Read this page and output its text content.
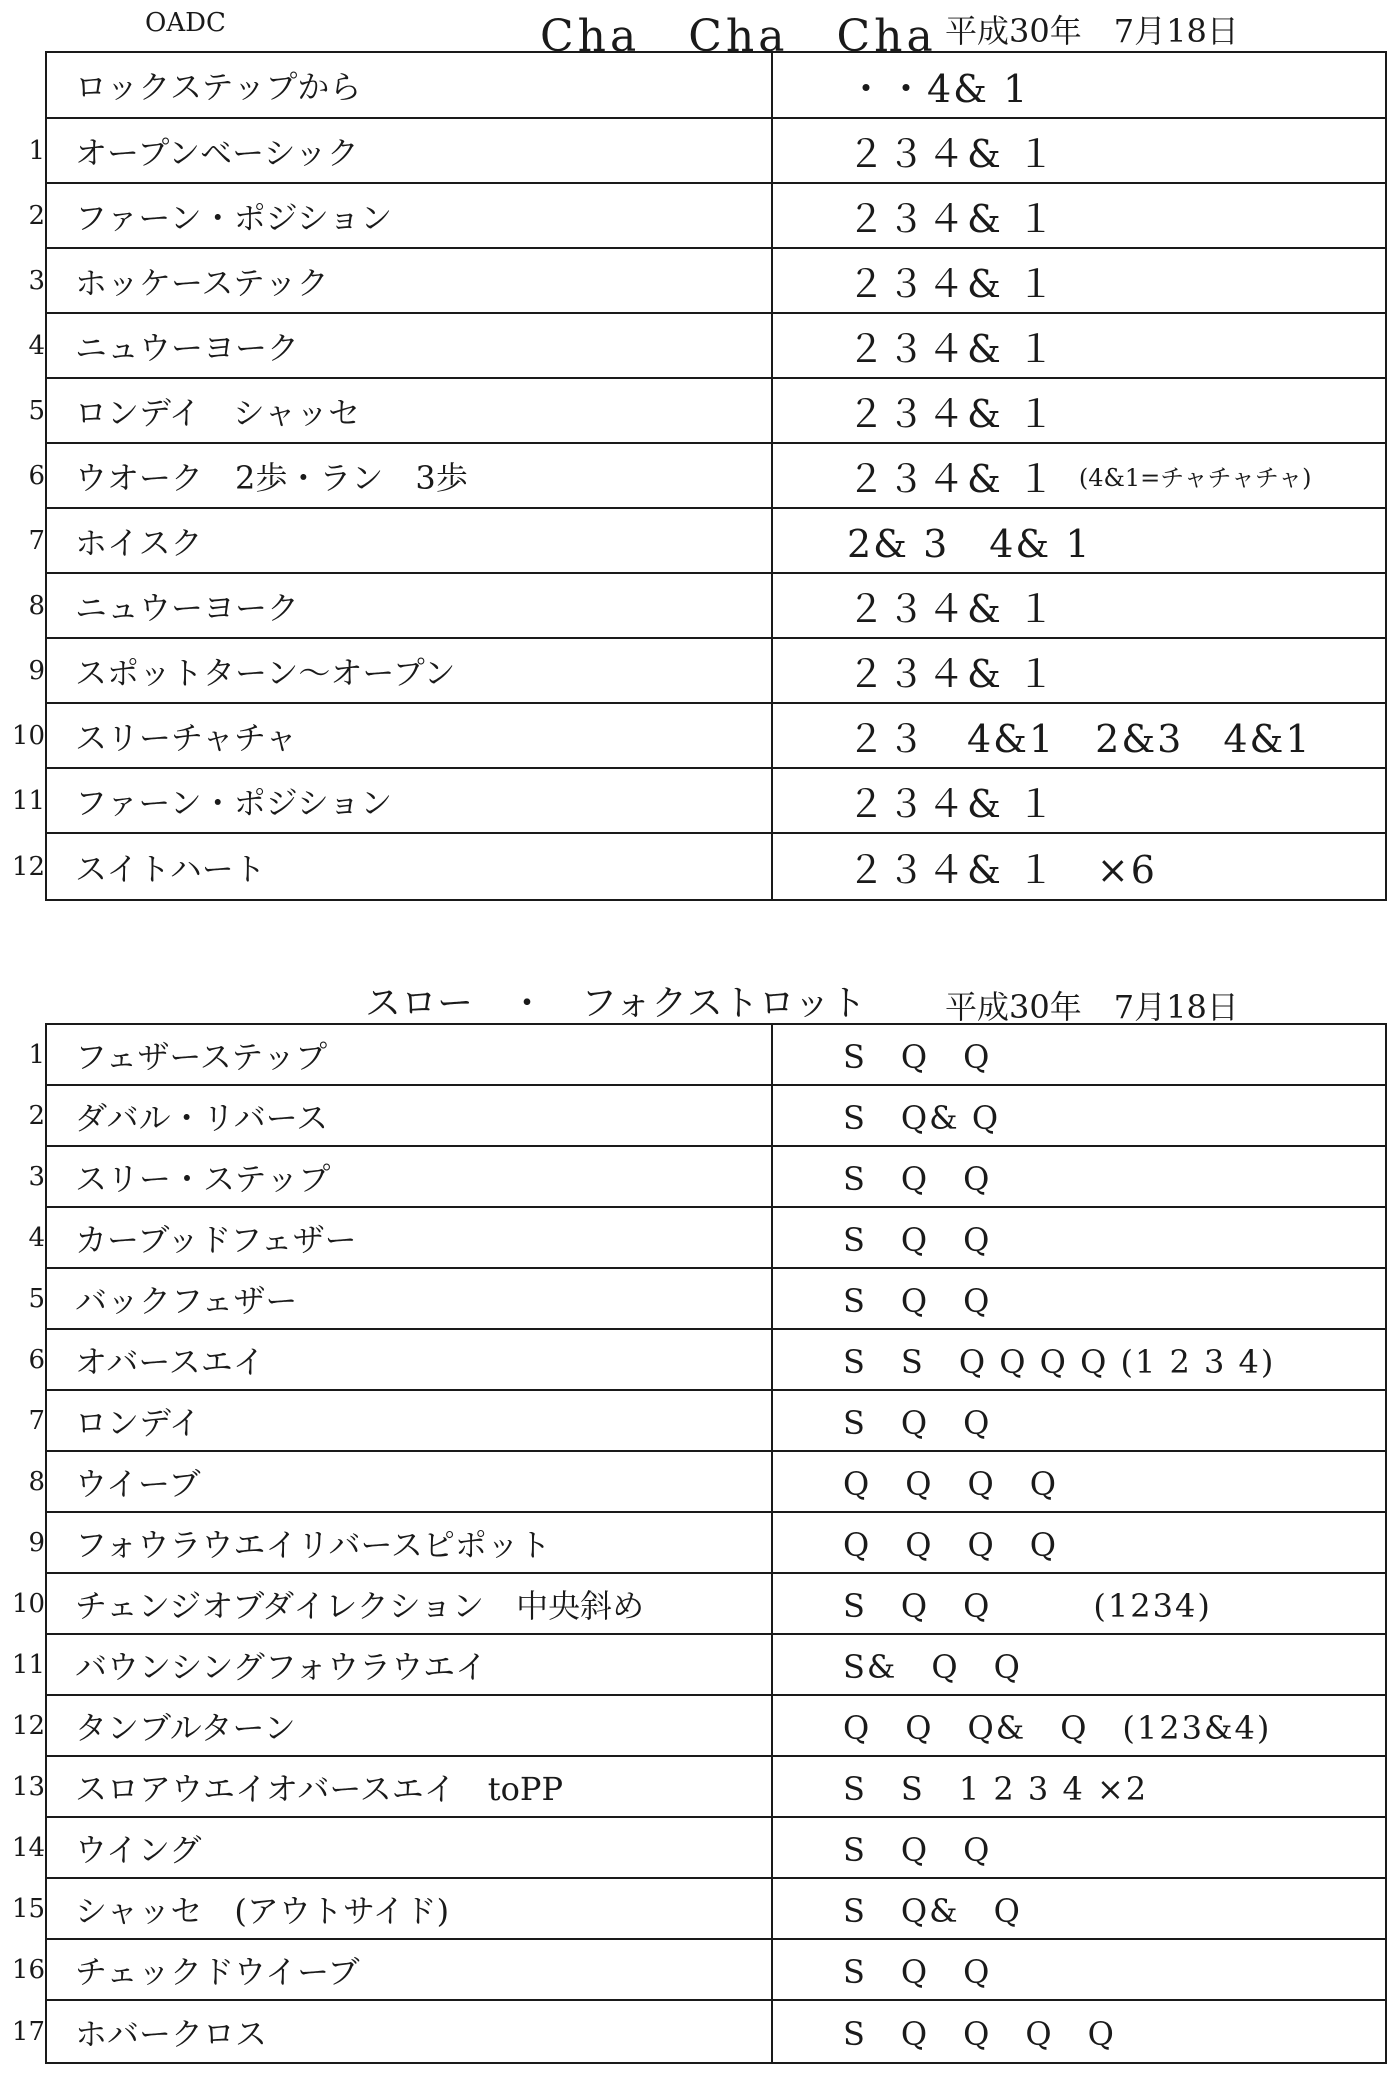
OADC	Cha　Cha　Cha 平成30年　7月18日
ロックステップから	・・4& 1
1 オープンベーシック	２３４& １
2 ファーン・ポジション	２３４& １
3 ホッケーステック	２３４& １
4 ニュウーヨーク	２３４& １
5 ロンデイ　シャッセ	２３４& １
6 ウオーク　2歩・ラン　3歩	２３４& １ (4&1=チャチャチャ)
7 ホイスク	2& 3　4& 1
8 ニュウーヨーク	２３４& １
9 スポットターン～オープン	２３４& １
10 スリーチャチャ	２３　4&1　2&3　4&1
11 ファーン・ポジション	２３４& １
12 スイトハート	２３４& １　×6
スロー　・　フォクストロット 平成30年　7月18日
1 フェザーステップ	S　Q　Q
2 ダバル・リバース	S　Q& Q
3 スリー・ステップ	S　Q　Q
4 カーブッドフェザー	S　Q　Q
5 バックフェザー	S　Q　Q
6 オバースエイ	S　S　Q Q Q Q (1 2 3 4)
7 ロンデイ	S　Q　Q
8 ウイーブ	Q　Q　Q　Q
9 フォウラウエイリバースピポット	Q　Q　Q　Q
10 チェンジオブダイレクション　中央斜め	S　Q　Q　　　(1234)
11 バウンシングフォウラウエイ	S&　Q　Q
12 タンブルターン	Q　Q　Q&　Q　(123&4)
13 スロアウエイオバースエイ　toPP	S　S　1 2 3 4 ×2
14 ウイング	S　Q　Q
15 シャッセ　(アウトサイド)	S　Q&　Q
16 チェックドウイーブ	S　Q　Q
17 ホバークロス	S　Q　Q　Q　Q
